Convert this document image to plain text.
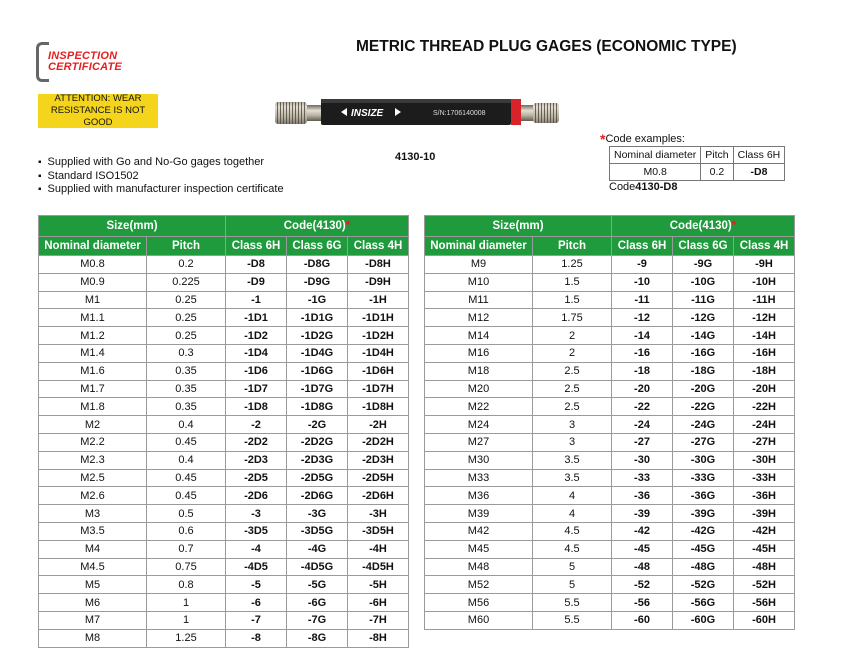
INSPECTION
CERTIFICATE
METRIC THREAD PLUG GAGES (ECONOMIC TYPE)
ATTENTION: WEAR RESISTANCE IS NOT GOOD
INSIZE	S/N:1706140008
4130-10
▪ Supplied with Go and No-Go gages together
▪ Standard ISO1502
▪ Supplied with manufacturer inspection certificate
*Code examples:
Nominal diameter	Pitch	Class 6H
M0.8	0.2	-D8
Code4130-D8
Size(mm)		Code(4130)*		
Nominal diameter	Pitch	Class 6H	Class 6G	Class 4H
M0.8	0.2	-D8	-D8G	-D8H
M0.9	0.225	-D9	-D9G	-D9H
M1	0.25	-1	-1G	-1H
M1.1	0.25	-1D1	-1D1G	-1D1H
M1.2	0.25	-1D2	-1D2G	-1D2H
M1.4	0.3	-1D4	-1D4G	-1D4H
M1.6	0.35	-1D6	-1D6G	-1D6H
M1.7	0.35	-1D7	-1D7G	-1D7H
M1.8	0.35	-1D8	-1D8G	-1D8H
M2	0.4	-2	-2G	-2H
M2.2	0.45	-2D2	-2D2G	-2D2H
M2.3	0.4	-2D3	-2D3G	-2D3H
M2.5	0.45	-2D5	-2D5G	-2D5H
M2.6	0.45	-2D6	-2D6G	-2D6H
M3	0.5	-3	-3G	-3H
M3.5	0.6	-3D5	-3D5G	-3D5H
M4	0.7	-4	-4G	-4H
M4.5	0.75	-4D5	-4D5G	-4D5H
M5	0.8	-5	-5G	-5H
M6	1	-6	-6G	-6H
M7	1	-7	-7G	-7H
M8	1.25	-8	-8G	-8H
Size(mm)		Code(4130)*		
Nominal diameter	Pitch	Class 6H	Class 6G	Class 4H
M9	1.25	-9	-9G	-9H
M10	1.5	-10	-10G	-10H
M11	1.5	-11	-11G	-11H
M12	1.75	-12	-12G	-12H
M14	2	-14	-14G	-14H
M16	2	-16	-16G	-16H
M18	2.5	-18	-18G	-18H
M20	2.5	-20	-20G	-20H
M22	2.5	-22	-22G	-22H
M24	3	-24	-24G	-24H
M27	3	-27	-27G	-27H
M30	3.5	-30	-30G	-30H
M33	3.5	-33	-33G	-33H
M36	4	-36	-36G	-36H
M39	4	-39	-39G	-39H
M42	4.5	-42	-42G	-42H
M45	4.5	-45	-45G	-45H
M48	5	-48	-48G	-48H
M52	5	-52	-52G	-52H
M56	5.5	-56	-56G	-56H
M60	5.5	-60	-60G	-60H
